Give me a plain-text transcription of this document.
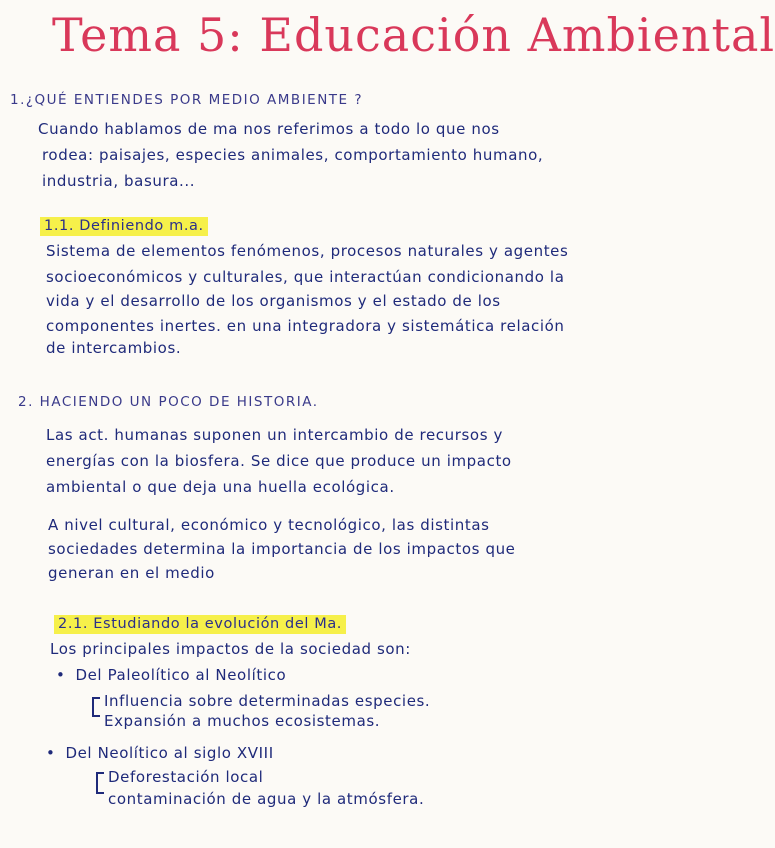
Tema 5: Educación Ambiental
1.¿QUÉ ENTIENDES POR MEDIO AMBIENTE ?
Cuando hablamos de ma nos referimos a todo lo que nos
rodea: paisajes, especies animales, comportamiento humano,
industria, basura...
1.1. Definiendo m.a.
Sistema de elementos fenómenos, procesos naturales y agentes
socioeconómicos y culturales, que interactúan condicionando la
vida y el desarrollo de los organismos y el estado de los
componentes inertes. en una integradora y sistemática relación
de intercambios.
2. HACIENDO UN POCO DE HISTORIA.
Las act. humanas suponen un intercambio de recursos y
energías con la biosfera. Se dice que produce un impacto
ambiental o que deja una huella ecológica.
A nivel cultural, económico y tecnológico, las distintas
sociedades determina la importancia de los impactos que
generan en el medio
2.1. Estudiando la evolución del Ma.
Los principales impactos de la sociedad son:
• Del Paleolítico al Neolítico
Influencia sobre determinadas especies.
Expansión a muchos ecosistemas.
• Del Neolítico al siglo XVIII
Deforestación local
contaminación de agua y la atmósfera.
